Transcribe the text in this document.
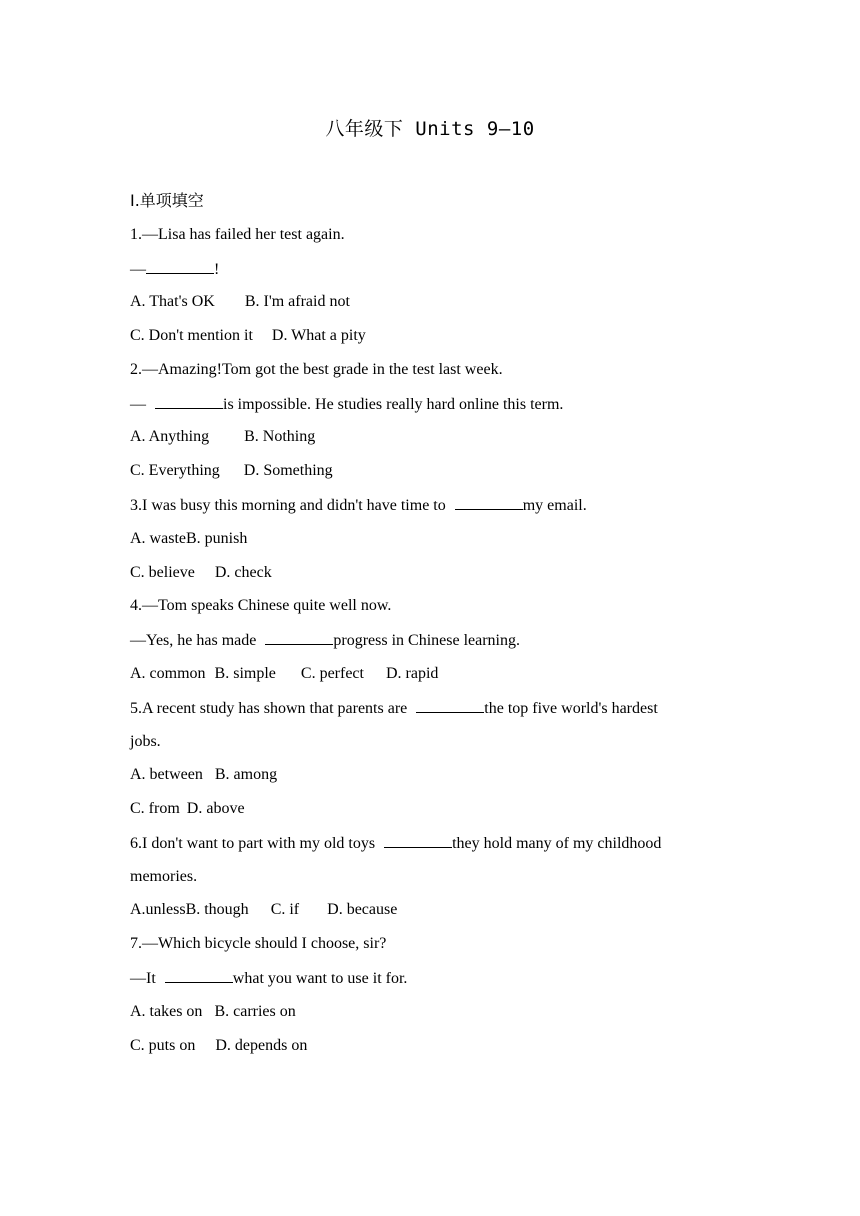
八年级下 Units 9—10
Ⅰ.单项填空
1.—Lisa has failed her test again.
—	!
A. That's OK B. I'm afraid not
C. Don't mention it D. What a pity
2.—Amazing!Tom got the best grade in the test last week.
—	is impossible. He studies really hard online this term.
A. Anything B. Nothing
C. Everything D. Something
3.I was busy this morning and didn't have time to	my email.
A. wasteB. punish
C. believe D. check
4.—Tom speaks Chinese quite well now.
—Yes, he has made	progress in Chinese learning.
A. common B. simple C. perfect D. rapid
5.A recent study has shown that parents are	the top five world's hardest
jobs.
A. between B. among
C. from D. above
6.I don't want to part with my old toys	they hold many of my childhood
memories.
A.unlessB. though C. if D. because
7.—Which bicycle should I choose, sir?
—It	what you want to use it for.
A. takes on B. carries on
C. puts on D. depends on
